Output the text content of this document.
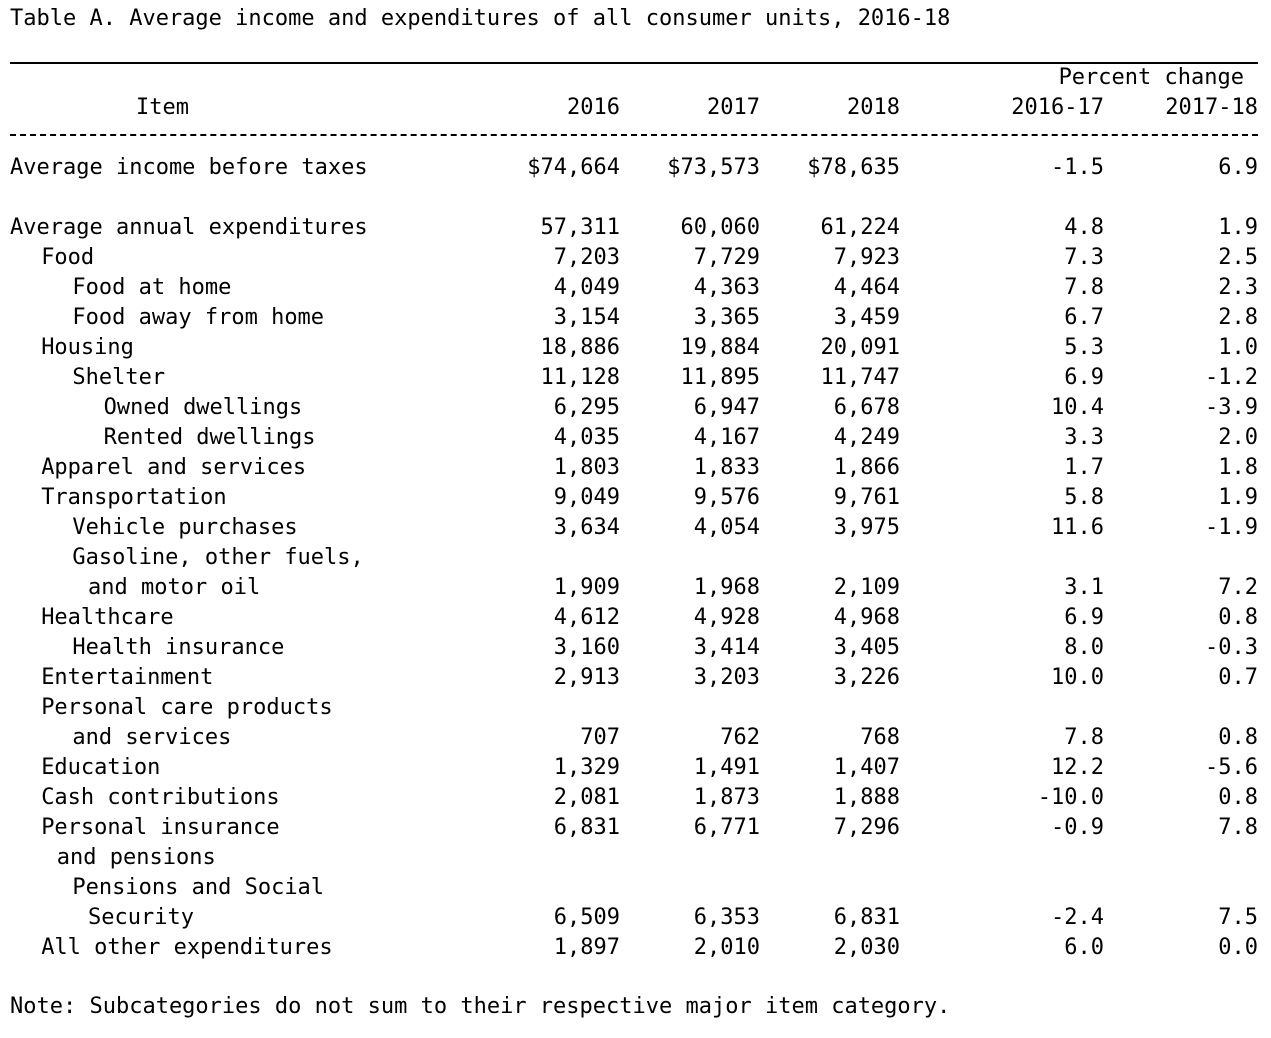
Table A. Average income and expenditures of all consumer units, 2016-18
Percent change
Item	2016	2017	2018	2016-17	2017-18
Average income before taxes	$74,664	$73,573	$78,635	-1.5	6.9
Average annual expenditures	57,311	60,060	61,224	4.8	1.9
Food	7,203	7,729	7,923	7.3	2.5
Food at home	4,049	4,363	4,464	7.8	2.3
Food away from home	3,154	3,365	3,459	6.7	2.8
Housing	18,886	19,884	20,091	5.3	1.0
Shelter	11,128	11,895	11,747	6.9	-1.2
Owned dwellings	6,295	6,947	6,678	10.4	-3.9
Rented dwellings	4,035	4,167	4,249	3.3	2.0
Apparel and services	1,803	1,833	1,866	1.7	1.8
Transportation	9,049	9,576	9,761	5.8	1.9
Vehicle purchases	3,634	4,054	3,975	11.6	-1.9
Gasoline, other fuels,
and motor oil	1,909	1,968	2,109	3.1	7.2
Healthcare	4,612	4,928	4,968	6.9	0.8
Health insurance	3,160	3,414	3,405	8.0	-0.3
Entertainment	2,913	3,203	3,226	10.0	0.7
Personal care products
and services	707	762	768	7.8	0.8
Education	1,329	1,491	1,407	12.2	-5.6
Cash contributions	2,081	1,873	1,888	-10.0	0.8
Personal insurance	6,831	6,771	7,296	-0.9	7.8
and pensions
Pensions and Social
Security	6,509	6,353	6,831	-2.4	7.5
All other expenditures	1,897	2,010	2,030	6.0	0.0
Note: Subcategories do not sum to their respective major item category.
